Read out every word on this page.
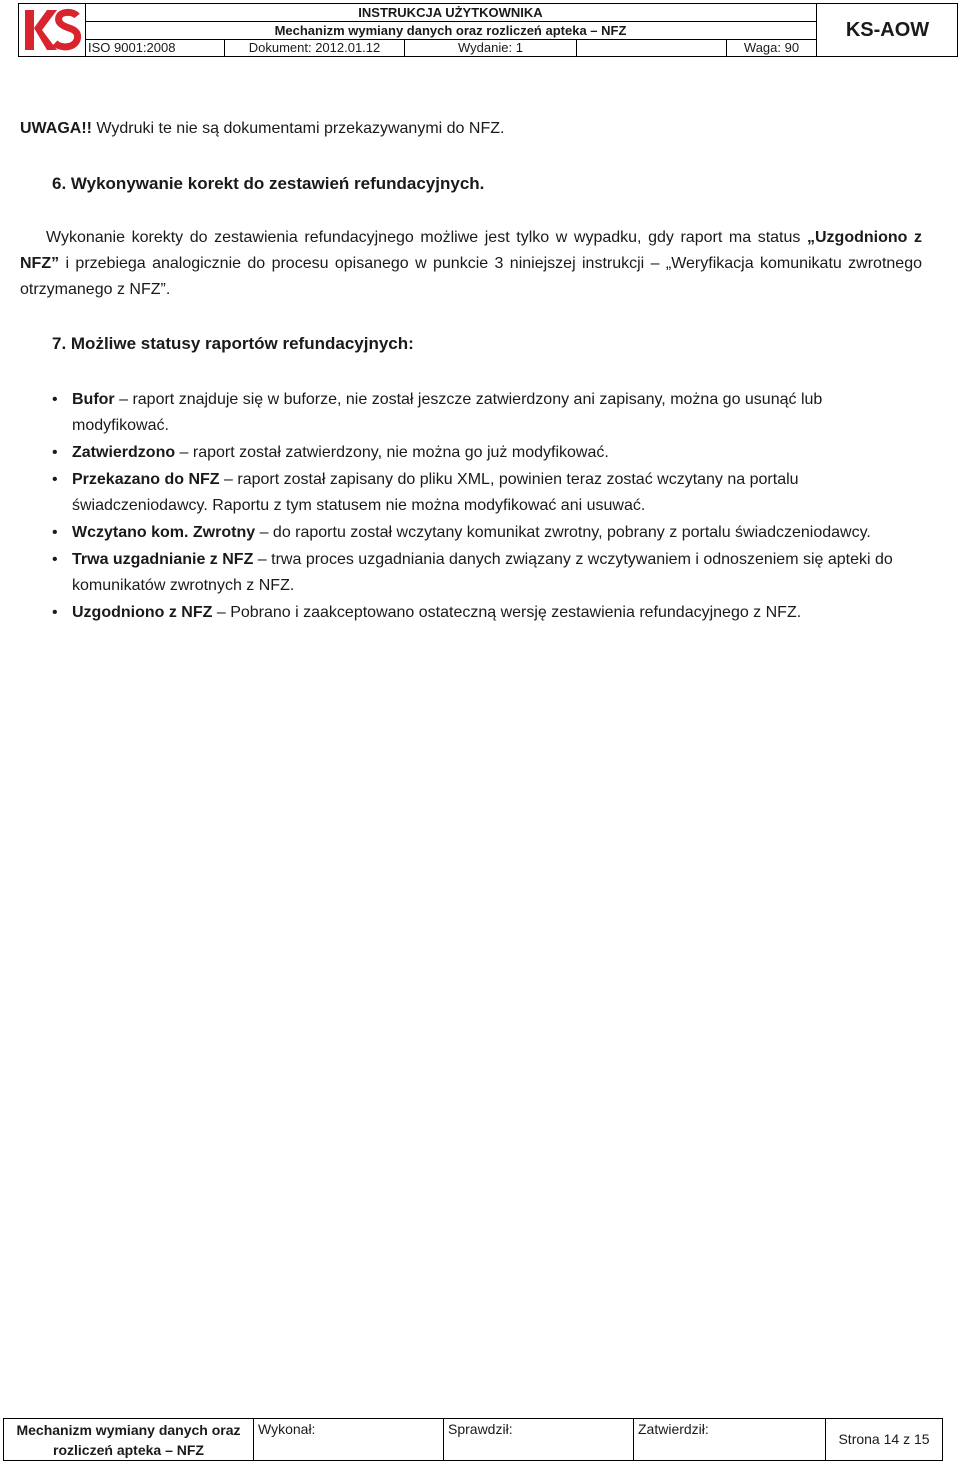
INSTRUKCJA UŻYTKOWNIKA
Mechanizm wymiany danych oraz rozliczeń apteka – NFZ
ISO 9001:2008	Dokument: 2012.01.12	Wydanie: 1	Waga: 90
KS-AOW
UWAGA!! Wydruki te nie są dokumentami przekazywanymi do NFZ.
6. Wykonywanie korekt do zestawień refundacyjnych.
Wykonanie korekty do zestawienia refundacyjnego możliwe jest tylko w wypadku, gdy raport ma status „Uzgodniono z NFZ” i przebiega analogicznie do procesu opisanego w punkcie 3 niniejszej instrukcji – „Weryfikacja komunikatu zwrotnego otrzymanego z NFZ”.
7. Możliwe statusy raportów refundacyjnych:
• Bufor – raport znajduje się w buforze, nie został jeszcze zatwierdzony ani zapisany, można go usunąć lub modyfikować.
• Zatwierdzono – raport został zatwierdzony, nie można go już modyfikować.
• Przekazano do NFZ – raport został zapisany do pliku XML, powinien teraz zostać wczytany na portalu świadczeniodawcy. Raportu z tym statusem nie można modyfikować ani usuwać.
• Wczytano kom. Zwrotny – do raportu został wczytany komunikat zwrotny, pobrany z portalu świadczeniodawcy.
• Trwa uzgadnianie z NFZ – trwa proces uzgadniania danych związany z wczytywaniem i odnoszeniem się apteki do komunikatów zwrotnych z NFZ.
• Uzgodniono z NFZ – Pobrano i zaakceptowano ostateczną wersję zestawienia refundacyjnego z NFZ.
Mechanizm wymiany danych oraz
rozliczeń apteka – NFZ
Wykonał:	Sprawdził:	Zatwierdził:
Strona 14 z 15
